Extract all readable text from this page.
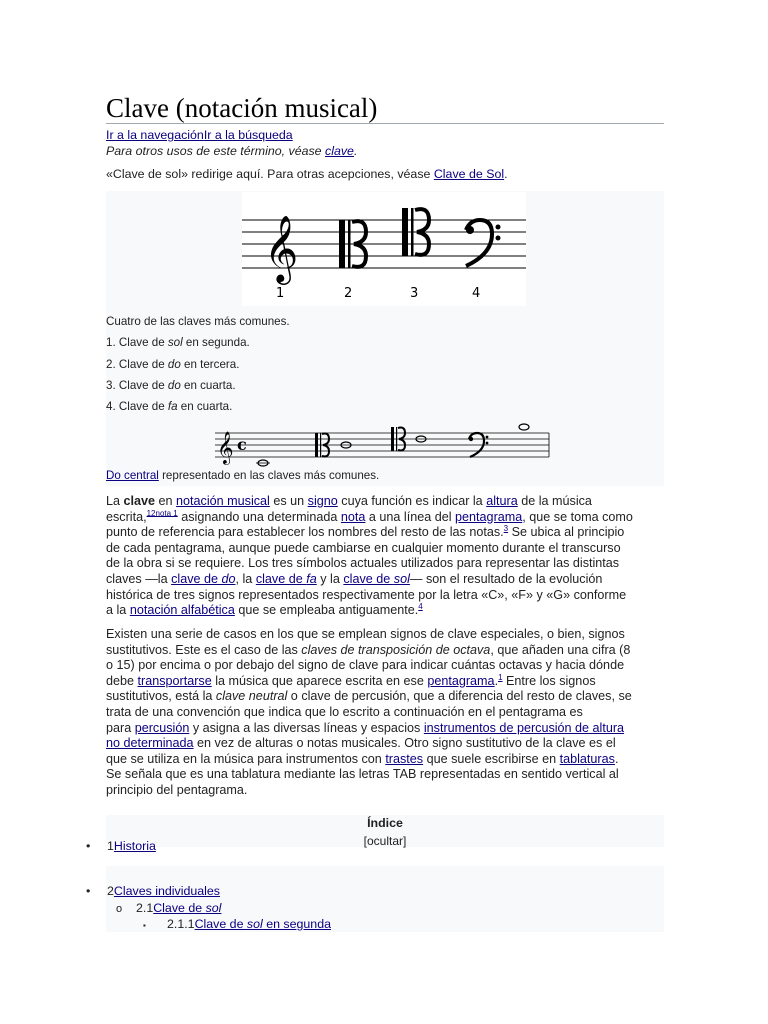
Clave (notación musical)
Ir a la navegaciónIr a la búsqueda
Para otros usos de este término, véase clave.
«Clave de sol» redirige aquí. Para otras acepciones, véase Clave de Sol.
𝄞
1	2	3	4
Cuatro de las claves más comunes.
1. Clave de sol en segunda.
2. Clave de do en tercera.
3. Clave de do en cuarta.
4. Clave de fa en cuarta.
𝄞 c
Do central representado en las claves más comunes.

La clave en notación musical es un signo cuya función es indicar la altura de la música

escrita,$^{12nota 1}$ asignando una determinada nota a una línea del pentagrama, que se toma como

punto de referencia para establecer los nombres del resto de las notas.$^3$ Se ubica al principio

de cada pentagrama, aunque puede cambiarse en cualquier momento durante el transcurso

de la obra si se requiere. Los tres símbolos actuales utilizados para representar las distintas

claves —la clave de do, la clave de fa y la clave de sol— son el resultado de la evolución

histórica de tres signos representados respectivamente por la letra «C», «F» y «G» conforme

a la notación alfabética que se empleaba antiguamente.$^4$

Existen una serie de casos en los que se emplean signos de clave especiales, o bien, signos

sustitutivos. Este es el caso de las claves de transposición de octava, que añaden una cifra (8

o 15) por encima o por debajo del signo de clave para indicar cuántas octavas y hacia dónde

debe transportarse la música que aparece escrita en ese pentagrama.$^1$ Entre los signos

sustitutivos, está la clave neutral o clave de percusión, que a diferencia del resto de claves, se

trata de una convención que indica que lo escrito a continuación en el pentagrama es

para percusión y asigna a las diversas líneas y espacios instrumentos de percusión de altura

no determinada en vez de alturas o notas musicales. Otro signo sustitutivo de la clave es el

que se utiliza en la música para instrumentos con trastes que suele escribirse en tablaturas.

Se señala que es una tablatura mediante las letras TAB representadas en sentido vertical al

principio del pentagrama.

Índice
[ocultar]
• 1Historia
• 2Claves individuales
o 2.1Clave de sol
▪ 2.1.1Clave de sol en segunda
